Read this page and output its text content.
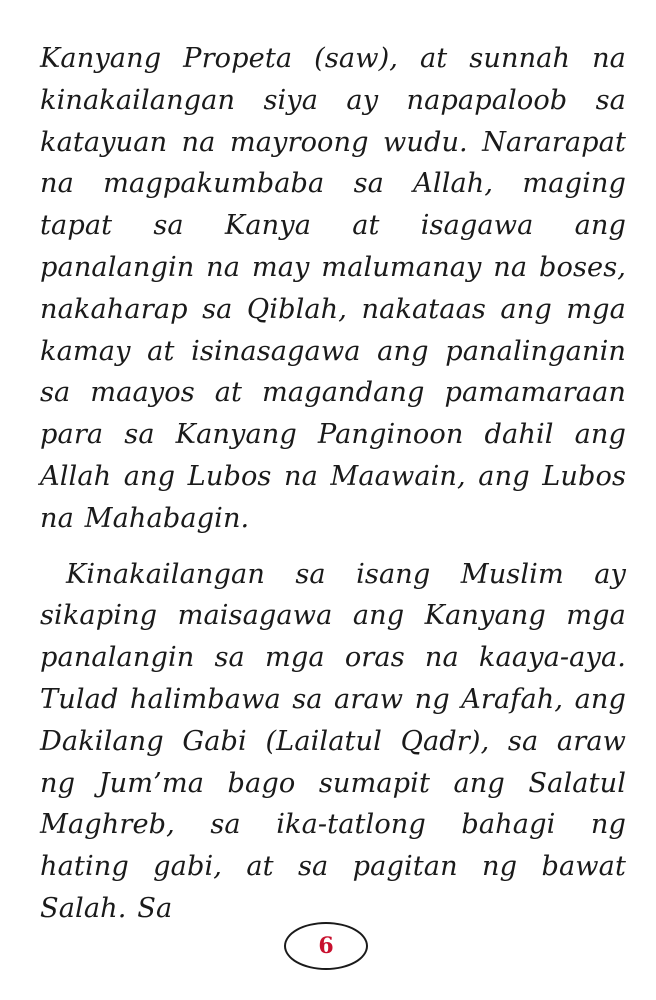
Kanyang Propeta (saw), at sunnah na kinakailangan siya ay napapaloob sa katayuan na mayroong wudu. Nararapat na magpakumbaba sa Allah, maging tapat sa Kanya at isagawa ang panalangin na may malumanay na boses, nakaharap sa Qiblah, nakataas ang mga kamay at isinasagawa ang panalinganin sa maayos at magandang pamamaraan para sa Kanyang Panginoon dahil ang Allah ang Lubos na Maawain, ang Lubos na Mahabagin.

Kinakailangan sa isang Muslim ay sikaping maisagawa ang Kanyang mga panalangin sa mga oras na kaaya-aya. Tulad halimbawa sa araw ng Arafah, ang Dakilang Gabi (Lailatul Qadr), sa araw ng Jum’ma bago sumapit ang Salatul Maghreb, sa ika-tatlong bahagi ng hating gabi, at sa pagitan ng bawat Salah. Sa

6
